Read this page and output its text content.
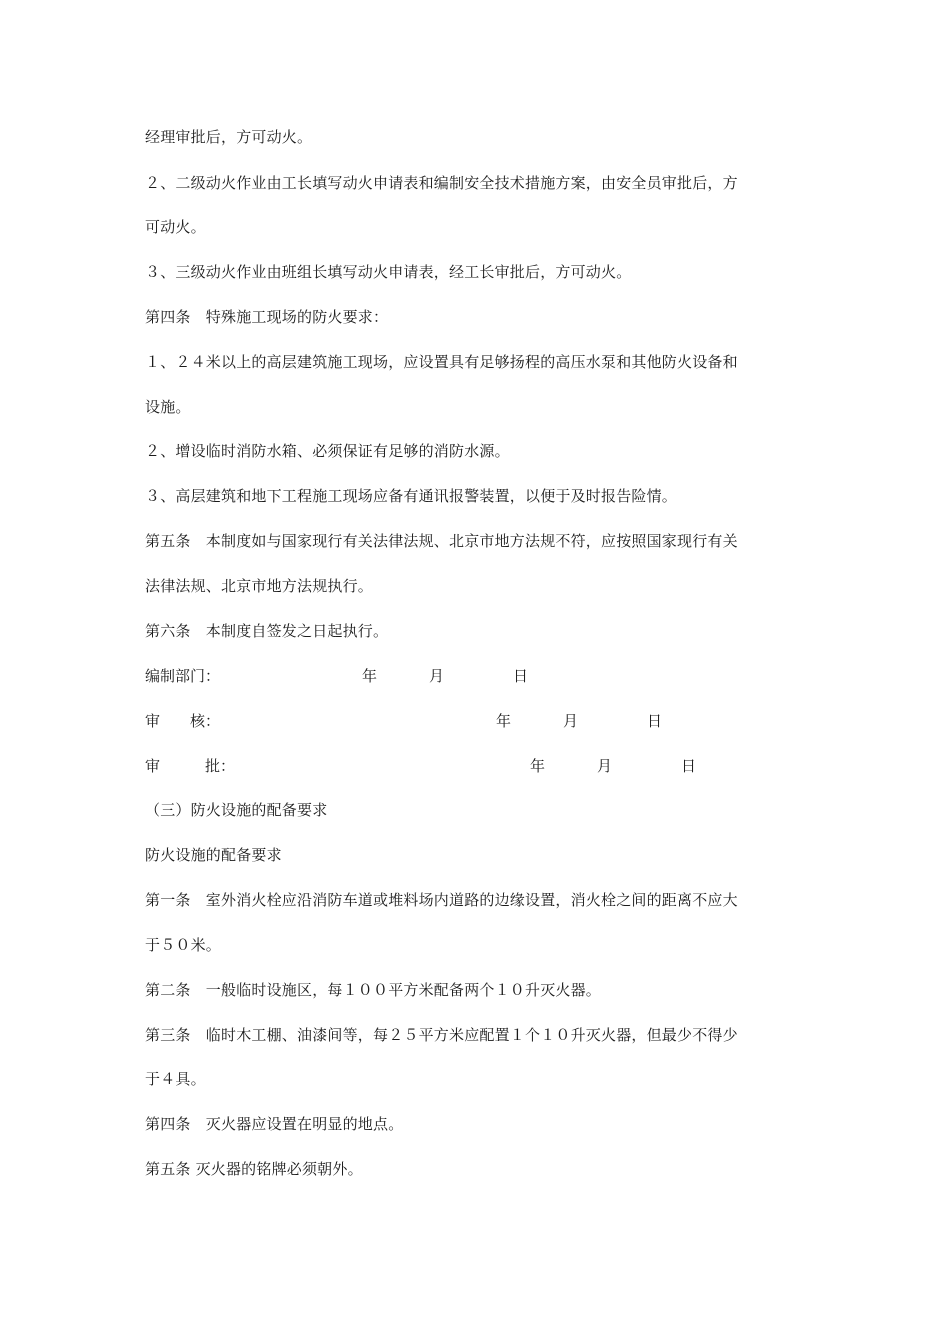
经理审批后，方可动火。
２、二级动火作业由工长填写动火申请表和编制安全技术措施方案，由安全员审批后，方
可动火。
３、三级动火作业由班组长填写动火申请表，经工长审批后，方可动火。
第四条　特殊施工现场的防火要求：
１、２４米以上的高层建筑施工现场，应设置具有足够扬程的高压水泵和其他防火设备和
设施。
２、增设临时消防水箱、必须保证有足够的消防水源。
３、高层建筑和地下工程施工现场应备有通讯报警装置，以便于及时报告险情。
第五条　本制度如与国家现行有关法律法规、北京市地方法规不符，应按照国家现行有关
法律法规、北京市地方法规执行。
第六条　本制度自签发之日起执行。
编制部门：	年	月	日
审　　核：	年	月	日
审　　　批：	年	月	日
（三）防火设施的配备要求
防火设施的配备要求
第一条　室外消火栓应沿消防车道或堆料场内道路的边缘设置，消火栓之间的距离不应大
于５０米。
第二条　一般临时设施区，每１００平方米配备两个１０升灭火器。
第三条　临时木工棚、油漆间等，每２５平方米应配置１个１０升灭火器，但最少不得少
于４具。
第四条　灭火器应设置在明显的地点。
第五条 灭火器的铭牌必须朝外。
